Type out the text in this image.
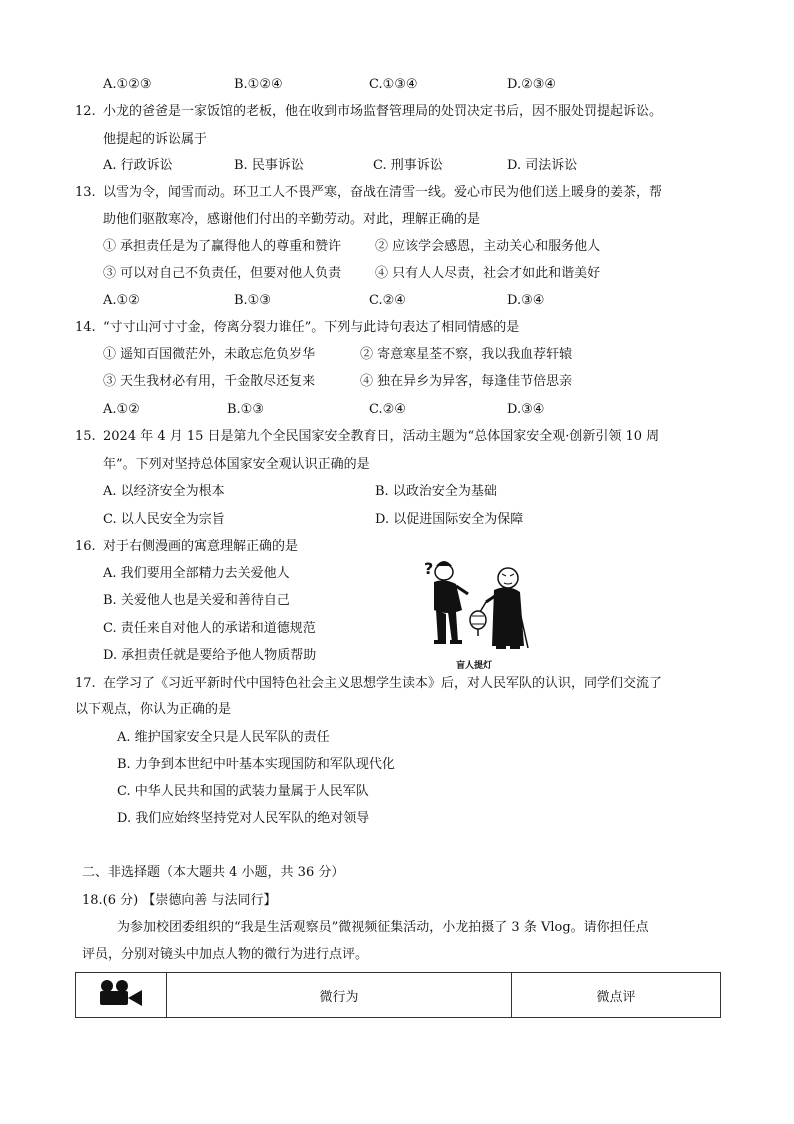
A.①②③	B.①②④	C.①③④	D.②③④
12. 小龙的爸爸是一家饭馆的老板，他在收到市场监督管理局的处罚决定书后，因不服处罚提起诉讼。
他提起的诉讼属于
A. 行政诉讼	B. 民事诉讼	C. 刑事诉讼	D. 司法诉讼
13. 以雪为令，闻雪而动。环卫工人不畏严寒，奋战在清雪一线。爱心市民为他们送上暖身的姜茶，帮
助他们驱散寒冷，感谢他们付出的辛勤劳动。对此，理解正确的是
① 承担责任是为了赢得他人的尊重和赞许	② 应该学会感恩，主动关心和服务他人
③ 可以对自己不负责任，但要对他人负责	④ 只有人人尽责，社会才如此和谐美好
A.①②	B.①③	C.②④	D.③④
14. “寸寸山河寸寸金，侉离分裂力谁任”。下列与此诗句表达了相同情感的是
① 遥知百国微茫外，未敢忘危负岁华	② 寄意寒星荃不察，我以我血荐轩辕
③ 天生我材必有用，千金散尽还复来	④ 独在异乡为异客，每逢佳节倍思亲
A.①②	B.①③	C.②④	D.③④
15. 2024 年 4 月 15 日是第九个全民国家安全教育日，活动主题为“总体国家安全观·创新引领 10 周
年”。下列对坚持总体国家安全观认识正确的是
A. 以经济安全为根本	B. 以政治安全为基础
C. 以人民安全为宗旨	D. 以促进国际安全为保障
16. 对于右侧漫画的寓意理解正确的是
A. 我们要用全部精力去关爱他人
B. 关爱他人也是关爱和善待自己
C. 责任来自对他人的承诺和道德规范
D. 承担责任就是要给予他人物质帮助
?
盲人提灯
17. 在学习了《习近平新时代中国特色社会主义思想学生读本》后，对人民军队的认识，同学们交流了
以下观点，你认为正确的是
A. 维护国家安全只是人民军队的责任
B. 力争到本世纪中叶基本实现国防和军队现代化
C. 中华人民共和国的武装力量属于人民军队
D. 我们应始终坚持党对人民军队的绝对领导
二、非选择题（本大题共 4 小题，共 36 分）
18.(6 分) 【崇德向善 与法同行】
为参加校团委组织的“我是生活观察员”微视频征集活动，小龙拍摄了 3 条 Vlog。请你担任点
评员，分别对镜头中加点人物的微行为进行点评。
	微行为	微点评
